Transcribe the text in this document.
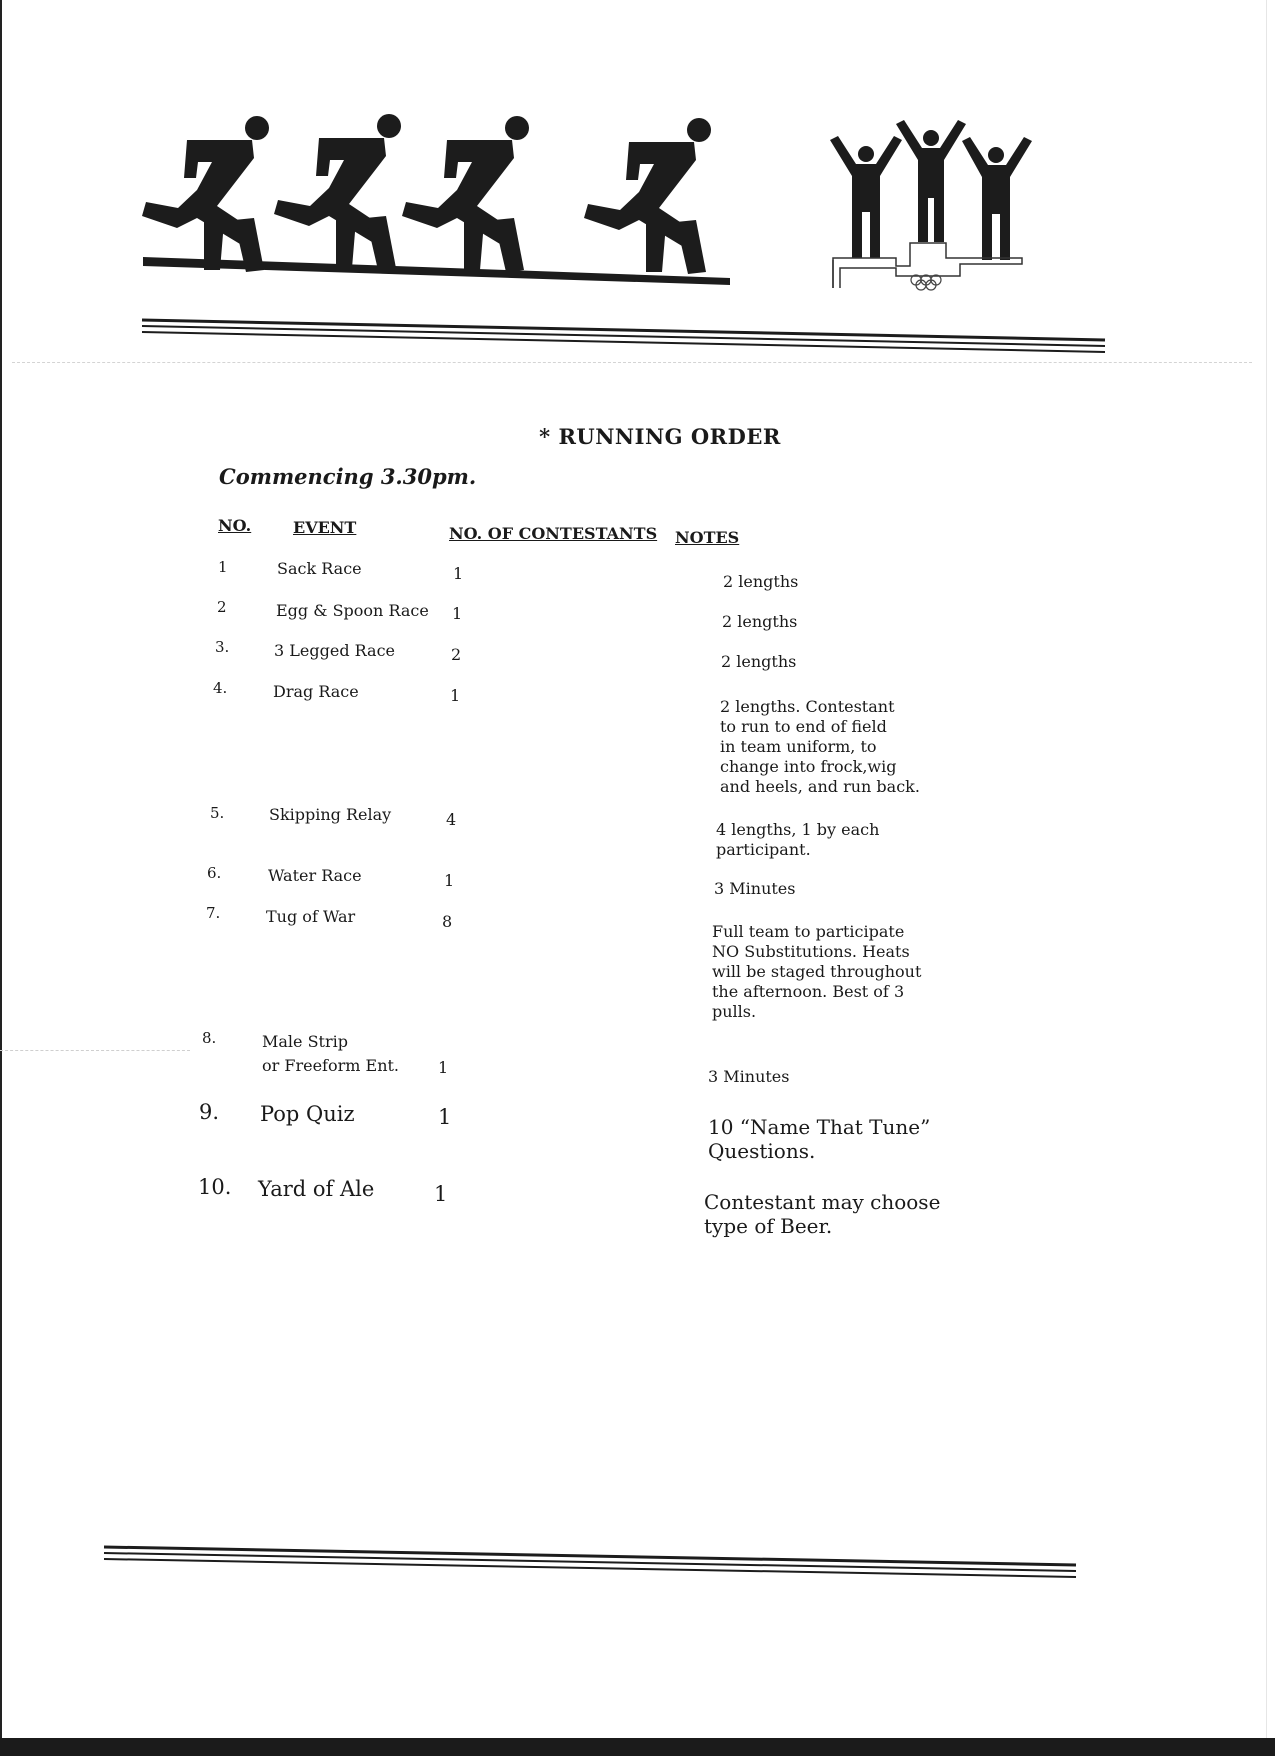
* RUNNING ORDER
Commencing 3.30pm.
NO.	EVENT	NO. OF CONTESTANTS NOTES
1	Sack Race	1	2 lengths
2	Egg & Spoon Race 1	2 lengths
3.	3 Legged Race	2	2 lengths
4.	Drag Race	1
2 lengths. Contestant
to run to end of field
in team uniform, to
change into frock,wig
and heels, and run back.
5.	Skipping Relay	4
4 lengths, 1 by each
participant.
6.	Water Race	1	3 Minutes
7.	Tug of War	8
Full team to participate
NO Substitutions. Heats
will be staged throughout
the afternoon. Best of 3
pulls.
8.	Male Strip
or Freeform Ent. 1	3 Minutes
9. Pop Quiz	1	10 “Name That Tune”
Questions.
10. Yard of Ale	1	Contestant may choose
type of Beer.
